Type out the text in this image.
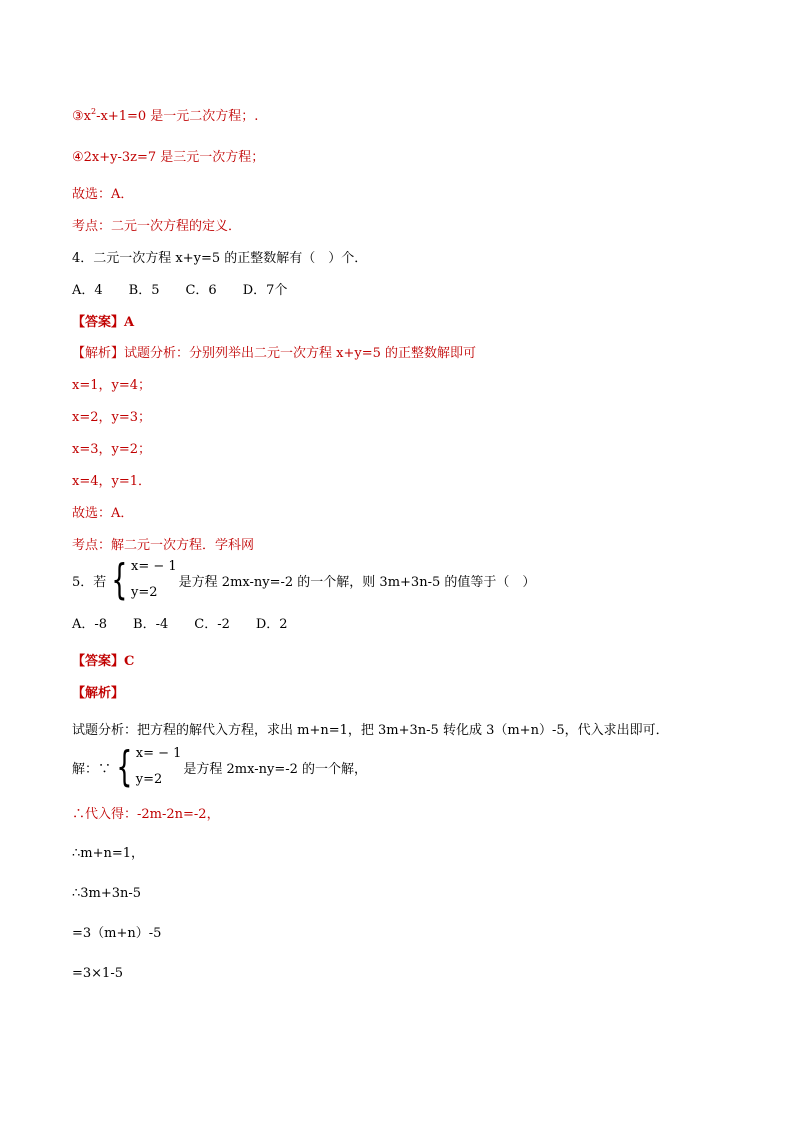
$③x^2-x+1=0$ 是一元二次方程；.
④2x+y-3z=7 是三元一次方程；
故选：A．
考点：二元一次方程的定义．
4．二元一次方程 x+y=5 的正整数解有（　）个．
A．4　　B．5　　C．6　　D．7个
【答案】A
【解析】试题分析：分别列举出二元一次方程 x+y=5 的正整数解即可
x=1，y=4；
x=2，y=3；
x=3，y=2；
x=4，y=1．
故选：A．
考点：解二元一次方程．学科网
5．若 { x= − 1
y=2
是方程 2mx-ny=-2 的一个解，则 3m+3n-5 的值等于（　）
A．-8　　B．-4　　C．-2　　D．2
【答案】C
【解析】
试题分析：把方程的解代入方程，求出 m+n=1，把 3m+3n-5 转化成 3（m+n）-5，代入求出即可．
解：∵ { x= − 1
y=2
是方程 2mx-ny=-2 的一个解，
∴代入得：-2m-2n=-2，
∴m+n=1，
∴3m+3n-5
=3（m+n）-5
=3×1-5
